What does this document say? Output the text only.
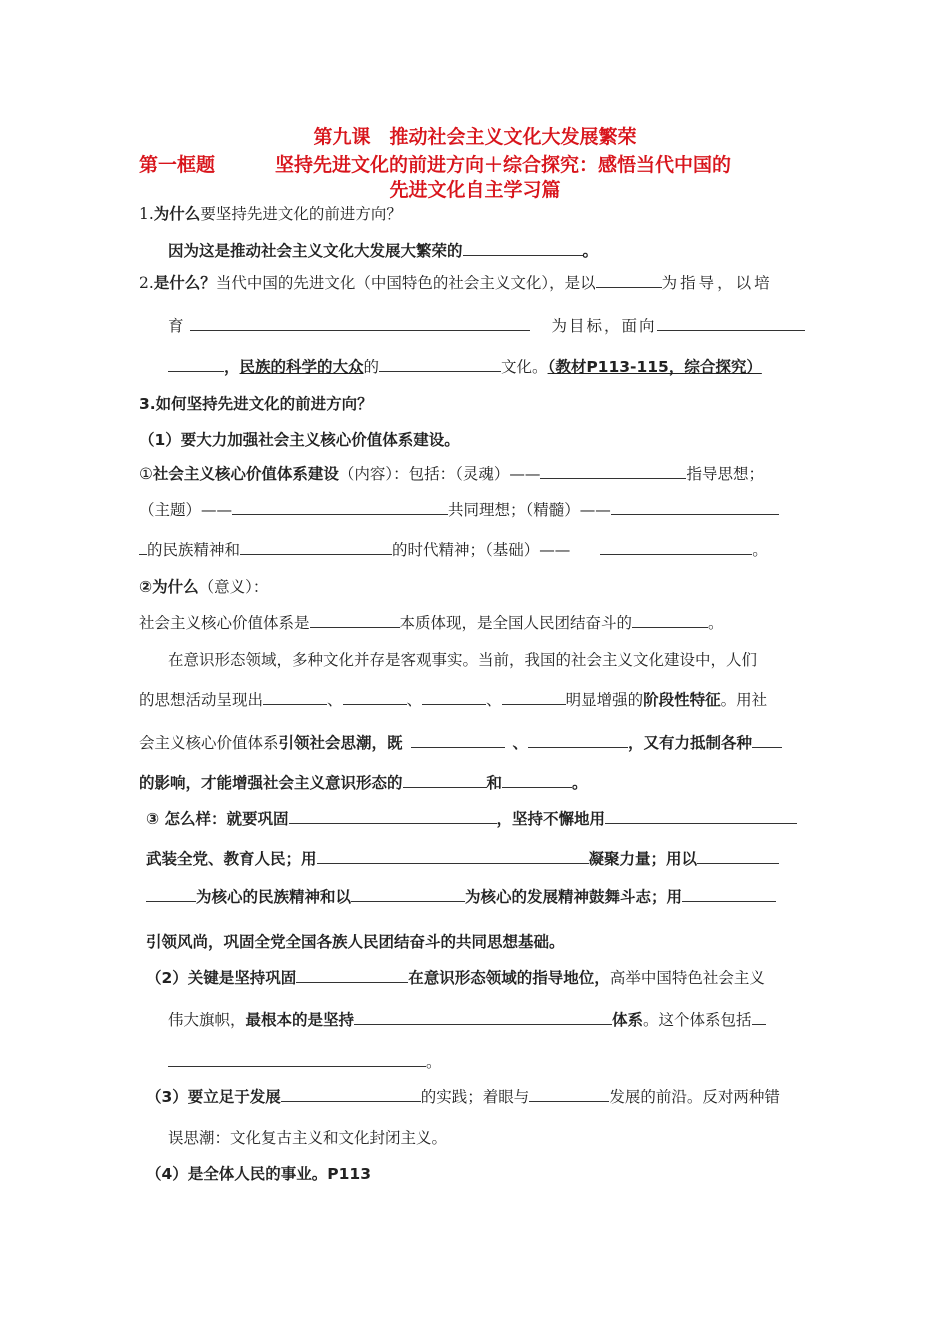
第九课　推动社会主义文化大发展繁荣
第一框题	坚持先进文化的前进方向＋综合探究：感悟当代中国的
先进文化自主学习篇
1.为什么要坚持先进文化的前进方向？
因为这是推动社会主义文化大发展大繁荣的	。
2.是什么？当代中国的先进文化（中国特色的社会主义文化），是以	为指导，以培
育	为目标，面向
，民族的科学的大众的	文化。（教材P113-115，综合探究）
3.如何坚持先进文化的前进方向？
（1）要大力加强社会主义核心价值体系建设。
①社会主义核心价值体系建设（内容）：包括：（灵魂）——	指导思想；
（主题）——	共同理想；（精髓）——
的民族精神和	的时代精神；（基础）——	。
②为什么（意义）：
社会主义核心价值体系是	本质体现，是全国人民团结奋斗的	。
在意识形态领域，多种文化并存是客观事实。当前，我国的社会主义文化建设中，人们
的思想活动呈现出	、	、	、	明显增强的阶段性特征。用社
会主义核心价值体系引领社会思潮，既	、	，又有力抵制各种
的影响，才能增强社会主义意识形态的	和	。
③ 怎么样：就要巩固	，坚持不懈地用
武装全党、教育人民；用	凝聚力量；用以
为核心的民族精神和以	为核心的发展精神鼓舞斗志；用
引领风尚，巩固全党全国各族人民团结奋斗的共同思想基础。
（2）关键是坚持巩固	在意识形态领域的指导地位，高举中国特色社会主义
伟大旗帜，最根本的是坚持	体系。这个体系包括
。
（3）要立足于发展	的实践；着眼与	发展的前沿。反对两种错
误思潮：文化复古主义和文化封闭主义。
（4）是全体人民的事业。P113
